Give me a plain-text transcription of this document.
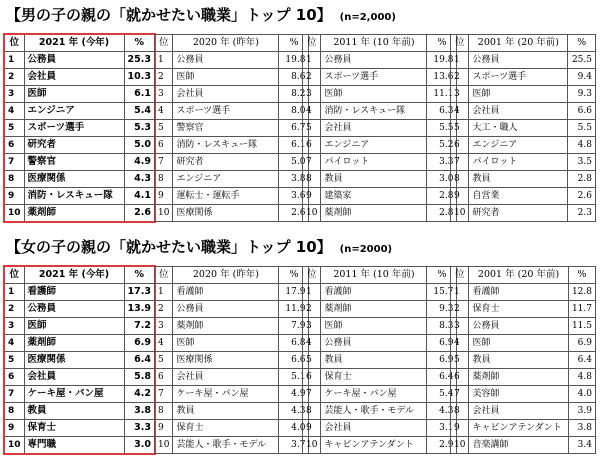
【男の子の親の「就かせたい職業」トップ 10】 (n=2,000)
位	2021 年 (今年)	%
1	公務員	25.3
2	会社員	10.3
3	医師	6.1
4	エンジニア	5.4
5	スポーツ選手	5.3
6	研究者	5.0
7	警察官	4.9
8	医療関係	4.3
9	消防・レスキュー隊	4.1
10	薬剤師	2.6
位	2020 年 (昨年)	%
1	公務員	19.8
2	医師	8.6
3	会社員	8.2
4	スポーツ選手	8.0
5	警察官	6.7
6	消防・レスキュー隊	6.1
7	研究者	5.0
8	エンジニア	3.8
9	運転士・運転手	3.6
10	医療関係	2.6
位	2011 年 (10 年前)	%
1	公務員	19.8
2	スポーツ選手	13.6
3	医師	11.1
4	消防・レスキュー隊	6.3
5	会社員	5.5
6	エンジニア	5.2
7	パイロット	3.3
8	教員	3.0
9	建築家	2.8
10	薬剤師	2.8
位	2001 年 (20 年前)	%
1	公務員	25.5
2	スポーツ選手	9.4
3	医師	9.3
4	会社員	6.6
5	大工・職人	5.5
6	エンジニア	4.8
7	パイロット	3.5
8	教員	2.8
9	自営業	2.6
10	研究者	2.3
【女の子の親の「就かせたい職業」トップ 10】 (n=2000)
位	2021 年 (今年)	%
1	看護師	17.3
2	公務員	13.9
3	医師	7.2
4	薬剤師	6.9
5	医療関係	6.4
6	会社員	5.8
7	ケーキ屋・パン屋	4.2
8	教員	3.8
9	保育士	3.3
10	専門職	3.0
位	2020 年 (昨年)	%
1	看護師	17.9
2	公務員	11.9
3	薬剤師	7.9
4	医師	6.8
5	医療関係	6.6
6	会社員	5.1
7	ケーキ屋・パン屋	4.9
8	教員	4.3
9	保育士	4.0
10	芸能人・歌手・モデル	3.7
位	2011 年 (10 年前)	%
1	看護師	15.7
2	薬剤師	9.3
3	医師	8.3
4	公務員	6.9
5	教員	6.9
6	保育士	6.4
7	ケーキ屋・パン屋	5.4
8	芸能人・歌手・モデル	4.3
9	会社員	3.1
10	キャビンアテンダント	2.9
位	2001 年 (20 年前)	%
1	看護師	12.8
2	保育士	11.7
3	公務員	11.5
4	医師	6.9
5	教員	6.4
6	薬剤師	4.8
7	美容師	4.0
8	会社員	3.9
9	キャビンアテンダント	3.8
10	音楽講師	3.4
